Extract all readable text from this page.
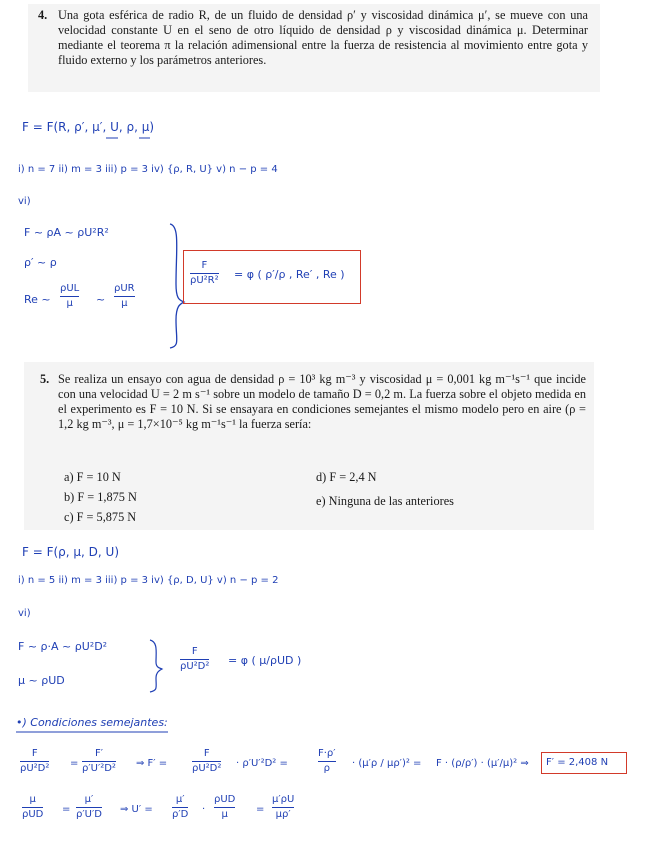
4. Una gota esférica de radio R, de un fluido de densidad ρ′ y viscosidad dinámica μ′, se mueve con una velocidad constante U en el seno de otro líquido de densidad ρ y viscosidad dinámica μ. Determinar mediante el teorema π la relación adimensional entre la fuerza de resistencia al movimiento entre gota y fluido externo y los parámetros anteriores.
F = F(R, ρ′, μ′, U, ρ, μ)
i) n = 7 ii) m = 3 iii) p = 3 iv) {ρ, R, U} v) n − p = 4
vi)
F ~ ρA ~ ρU²R²
ρ′ ~ ρ
Re ~
ρUL
μ ~
ρUR
μ
F
ρU²R² = φ ( ρ′/ρ , Re′ , Re )
5. Se realiza un ensayo con agua de densidad ρ = 10³ kg m⁻³ y viscosidad μ = 0,001 kg m⁻¹s⁻¹ que incide con una velocidad U = 2 m s⁻¹ sobre un modelo de tamaño D = 0,2 m. La fuerza sobre el objeto medida en el experimento es F = 10 N. Si se ensayara en condiciones semejantes el mismo modelo pero en aire (ρ = 1,2 kg m⁻³, μ = 1,7×10⁻⁵ kg m⁻¹s⁻¹ la fuerza sería:
a) F = 10 N
b) F = 1,875 N
c) F = 5,875 N
d) F = 2,4 N
e) Ninguna de las anteriores
F = F(ρ, μ, D, U)
i) n = 5 ii) m = 3 iii) p = 3 iv) {ρ, D, U} v) n − p = 2
vi)
F ~ ρ·A ~ ρU²D²
μ ~ ρUD
F
ρU²D² = φ ( μ/ρUD )
•) Condiciones semejantes:
F
ρU²D² =
F′
ρ′U′²D² ⇒ F′ =
F
ρU²D² · ρ′U′²D² =
F·ρ′
ρ · (μ′ρ / μρ′)² = F · (ρ/ρ′) · (μ′/μ)² ⇒ F′ = 2,408 N
μ
ρUD =
μ′
ρ′U′D ⇒ U′ =
μ′
ρ′D ·
ρUD
μ	=
μ′ρU
μρ′
